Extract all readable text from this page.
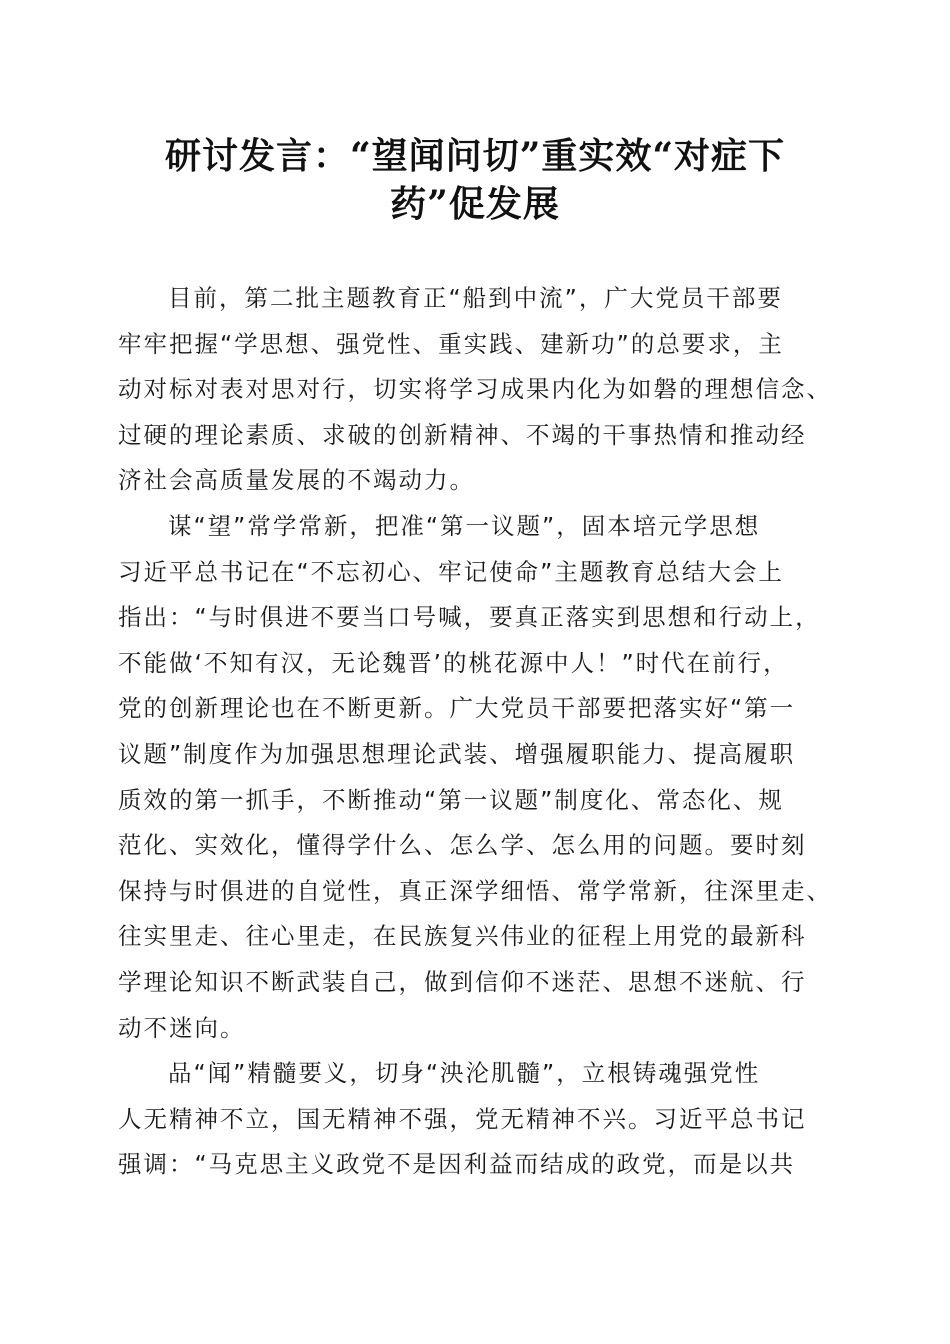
研讨发言：“望闻问切”重实效“对症下
药”促发展
目前，第二批主题教育正“船到中流”，广大党员干部要
牢牢把握“学思想、强党性、重实践、建新功”的总要求，主
动对标对表对思对行，切实将学习成果内化为如磐的理想信念、
过硬的理论素质、求破的创新精神、不竭的干事热情和推动经
济社会高质量发展的不竭动力。
谋“望”常学常新，把准“第一议题”，固本培元学思想
习近平总书记在“不忘初心、牢记使命”主题教育总结大会上
指出：“与时俱进不要当口号喊，要真正落实到思想和行动上，
不能做‘不知有汉，无论魏晋’的桃花源中人！”时代在前行，
党的创新理论也在不断更新。广大党员干部要把落实好“第一
议题”制度作为加强思想理论武装、增强履职能力、提高履职
质效的第一抓手，不断推动“第一议题”制度化、常态化、规
范化、实效化，懂得学什么、怎么学、怎么用的问题。要时刻
保持与时俱进的自觉性，真正深学细悟、常学常新，往深里走、
往实里走、往心里走，在民族复兴伟业的征程上用党的最新科
学理论知识不断武装自己，做到信仰不迷茫、思想不迷航、行
动不迷向。
品“闻”精髓要义，切身“泱沦肌髓”，立根铸魂强党性
人无精神不立，国无精神不强，党无精神不兴。习近平总书记
强调：“马克思主义政党不是因利益而结成的政党，而是以共
